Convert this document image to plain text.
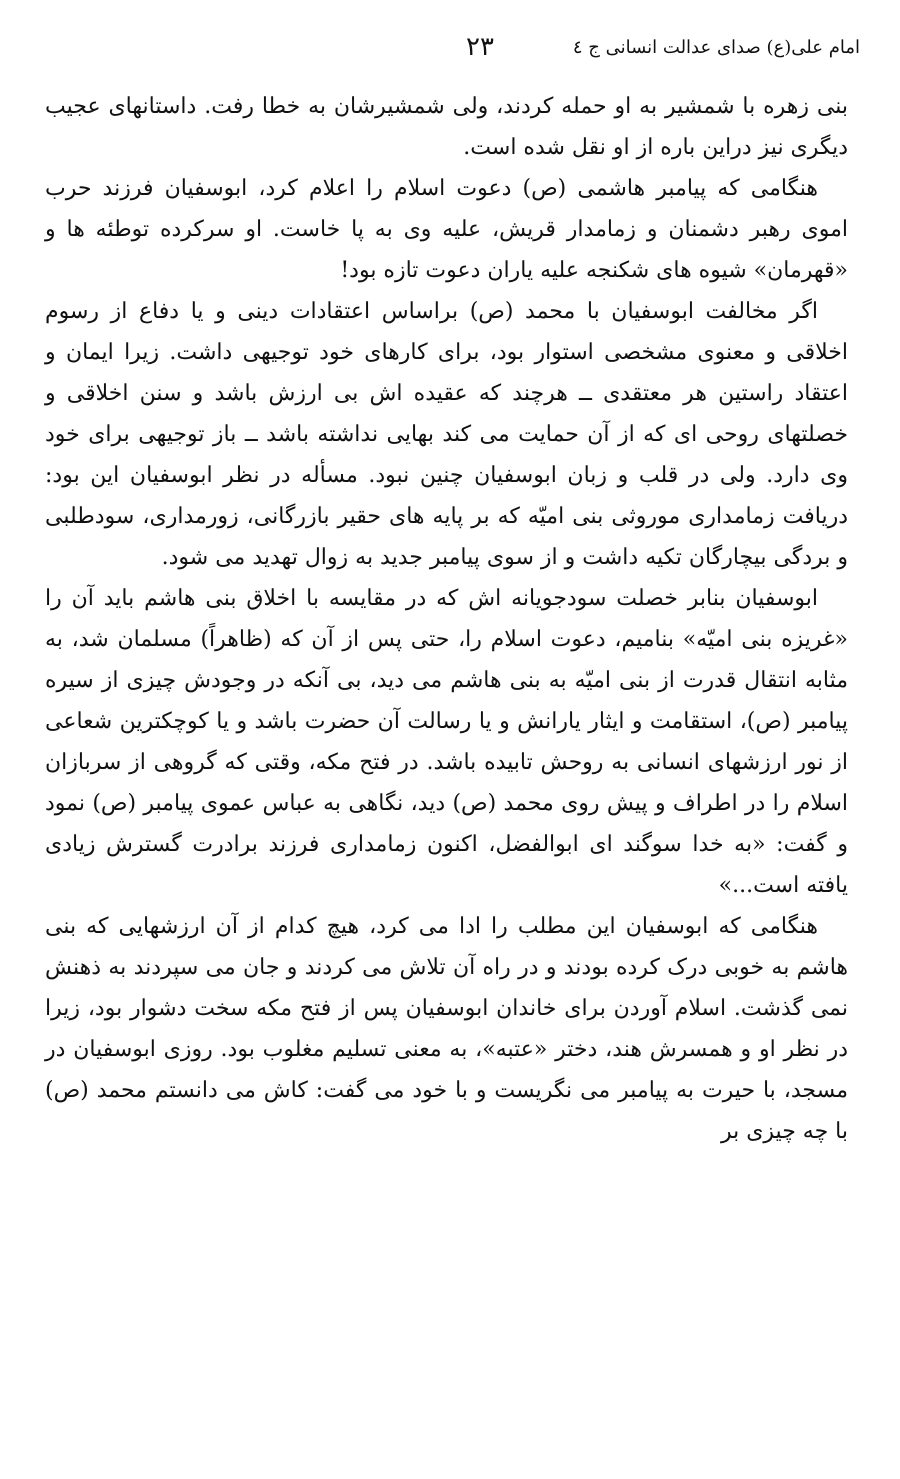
امام علی(ع) صدای عدالت انسانی ج ٤
٢٣

بنی زهره با شمشیر به او حمله کردند، ولی شمشیرشان به خطا رفت. داستانهای عجیب دیگری نیز دراین باره از او نقل شده است.

هنگامی که پیامبر هاشمی (ص) دعوت اسلام را اعلام کرد، ابوسفیان فرزند حرب اموی رهبر دشمنان و زمامدار قریش، علیه وی به پا خاست. او سرکرده توطئه ها و «قهرمان» شیوه های شکنجه علیه یاران دعوت تازه بود!

اگر مخالفت ابوسفیان با محمد (ص) براساس اعتقادات دینی و یا دفاع از رسوم اخلاقی و معنوی مشخصی استوار بود، برای کارهای خود توجیهی داشت. زیرا ایمان و اعتقاد راستین هر معتقدی ــ هرچند که عقیده اش بی ارزش باشد و سنن اخلاقی و خصلتهای روحی ای که از آن حمایت می کند بهایی نداشته باشد ــ باز توجیهی برای خود وی دارد. ولی در قلب و زبان ابوسفیان چنین نبود. مسأله در نظر ابوسفیان این بود: دریافت زمامداری موروثی بنی امیّه که بر پایه های حقیر بازرگانی، زورمداری، سودطلبی و بردگی بیچارگان تکیه داشت و از سوی پیامبر جدید به زوال تهدید می شود.

ابوسفیان بنابر خصلت سودجویانه اش که در مقایسه با اخلاق بنی هاشم باید آن را «غریزه بنی امیّه» بنامیم، دعوت اسلام را، حتی پس از آن که (ظاهراً) مسلمان شد، به مثابه انتقال قدرت از بنی امیّه به بنی هاشم می دید، بی آنکه در وجودش چیزی از سیره پیامبر (ص)، استقامت و ایثار یارانش و یا رسالت آن حضرت باشد و یا کوچکترین شعاعی از نور ارزشهای انسانی به روحش تابیده باشد. در فتح مکه، وقتی که گروهی از سربازان اسلام را در اطراف و پیش روی محمد (ص) دید، نگاهی به عباس عموی پیامبر (ص) نمود و گفت: «به خدا سوگند ای ابوالفضل، اکنون زمامداری فرزند برادرت گسترش زیادی یافته است...»

هنگامی که ابوسفیان این مطلب را ادا می کرد، هیچ کدام از آن ارزشهایی که بنی هاشم به خوبی درک کرده بودند و در راه آن تلاش می کردند و جان می سپردند به ذهنش نمی گذشت. اسلام آوردن برای خاندان ابوسفیان پس از فتح مکه سخت دشوار بود، زیرا در نظر او و همسرش هند، دختر «عتبه»، به معنی تسلیم مغلوب بود. روزی ابوسفیان در مسجد، با حیرت به پیامبر می نگریست و با خود می گفت: کاش می دانستم محمد (ص) با چه چیزی بر
